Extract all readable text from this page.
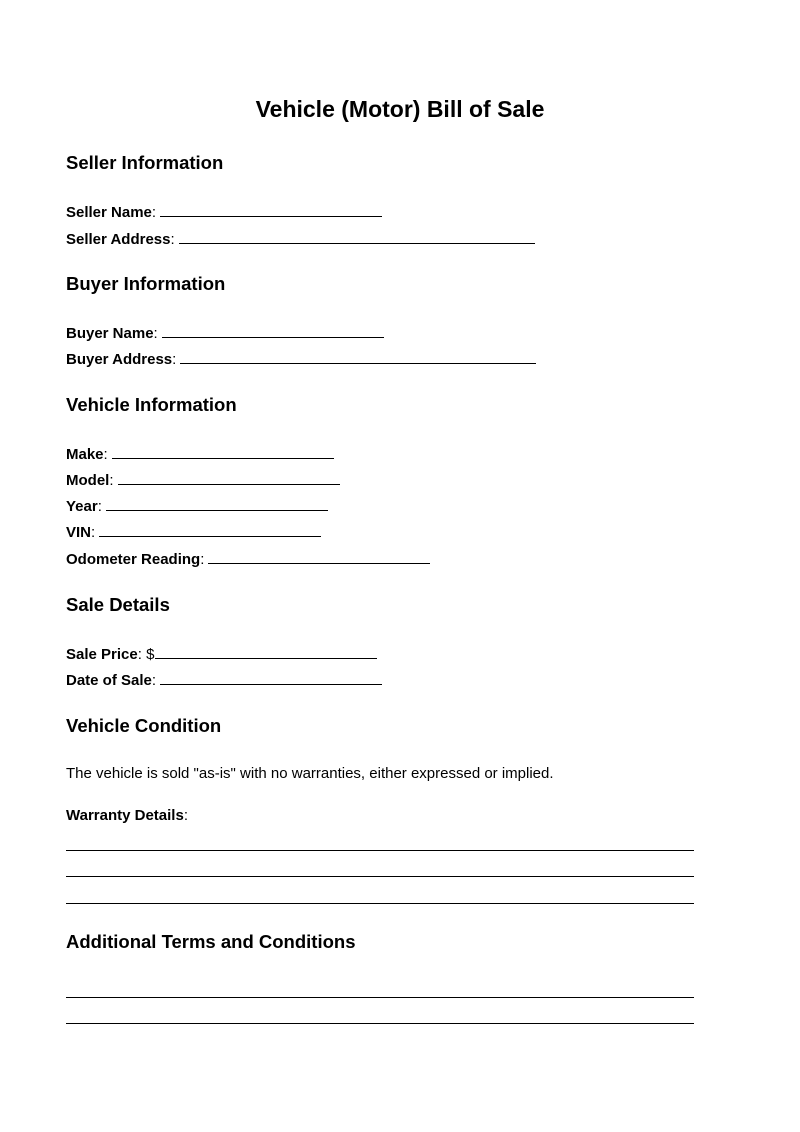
Vehicle (Motor) Bill of Sale
Seller Information
Seller Name:
Seller Address:
Buyer Information
Buyer Name:
Buyer Address:
Vehicle Information
Make:
Model:
Year:
VIN:
Odometer Reading:
Sale Details
Sale Price: $
Date of Sale:
Vehicle Condition

The vehicle is sold "as-is" with no warranties, either expressed or implied.

Warranty Details:
Additional Terms and Conditions
